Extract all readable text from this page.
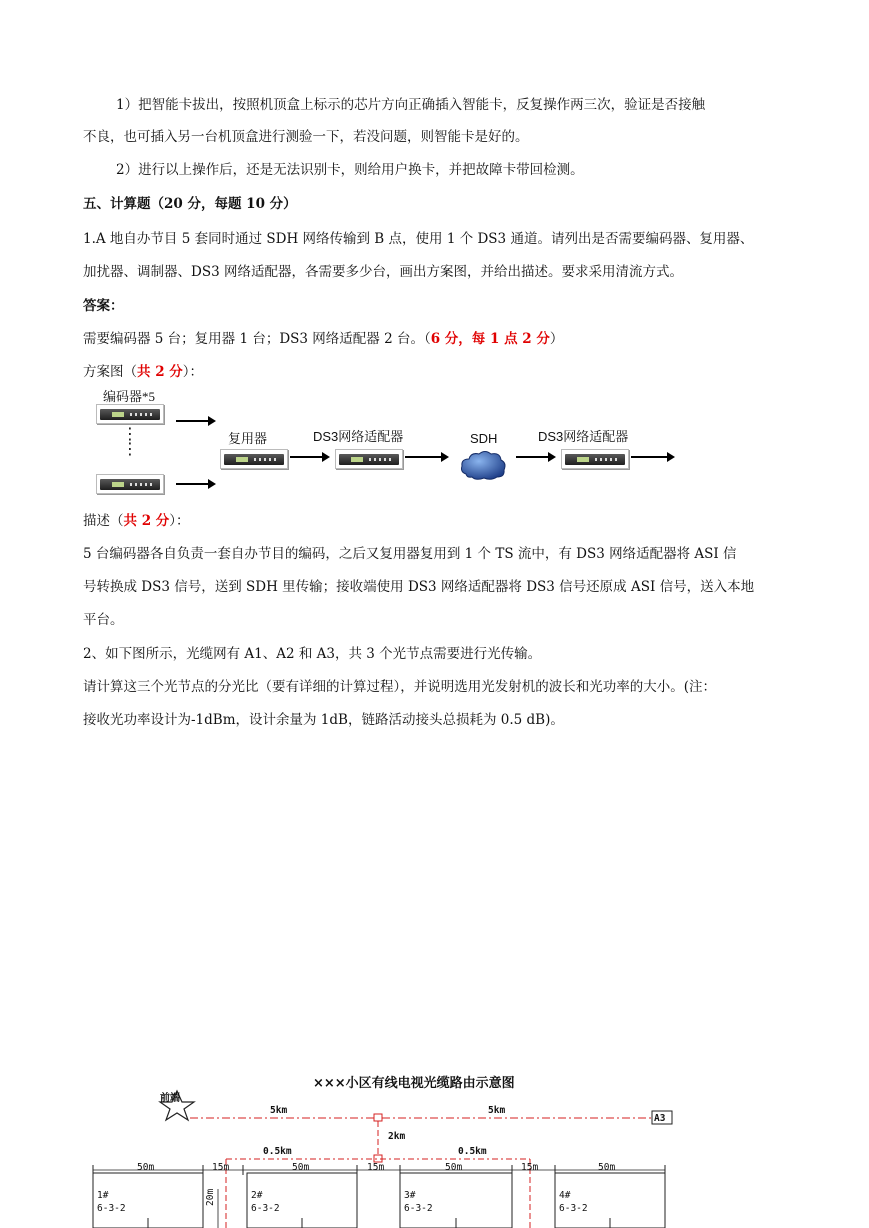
1）把智能卡拔出，按照机顶盒上标示的芯片方向正确插入智能卡，反复操作两三次，验证是否接触
不良，也可插入另一台机顶盒进行测验一下，若没问题，则智能卡是好的。
2）进行以上操作后，还是无法识别卡，则给用户换卡，并把故障卡带回检测。
五、计算题（20 分，每题 10 分）
1.A 地自办节目 5 套同时通过 SDH 网络传输到 B 点，使用 1 个 DS3 通道。请列出是否需要编码器、复用器、
加扰器、调制器、DS3 网络适配器，各需要多少台，画出方案图，并给出描述。要求采用清流方式。
答案：
需要编码器 5 台；复用器 1 台；DS3 网络适配器 2 台。（6 分，每 1 点 2 分）
方案图（共 2 分）：
编码器*5
⋮
⋮
复用器	DS3网络适配器	SDH	DS3网络适配器
描述（共 2 分）：
5 台编码器各自负责一套自办节目的编码，之后又复用器复用到 1 个 TS 流中，有 DS3 网络适配器将 ASI 信
号转换成 DS3 信号，送到 SDH 里传输；接收端使用 DS3 网络适配器将 DS3 信号还原成 ASI 信号，送入本地
平台。
2、如下图所示，光缆网有 A1、A2 和 A3，共 3 个光节点需要进行光传输。
请计算这三个光节点的分光比（要有详细的计算过程），并说明选用光发射机的波长和光功率的大小。(注：
接收光功率设计为-1dBm，设计余量为 1dB，链路活动接头总损耗为 0.5 dB)。
×××小区有线电视光缆路由示意图
前端
5km	5km
A3
2km
0.5km	0.5km
50m	15m	50m	15m	50m	15m	50m
20m
1#
6-3-2
2#
6-3-2
3#
6-3-2
4#
6-3-2
